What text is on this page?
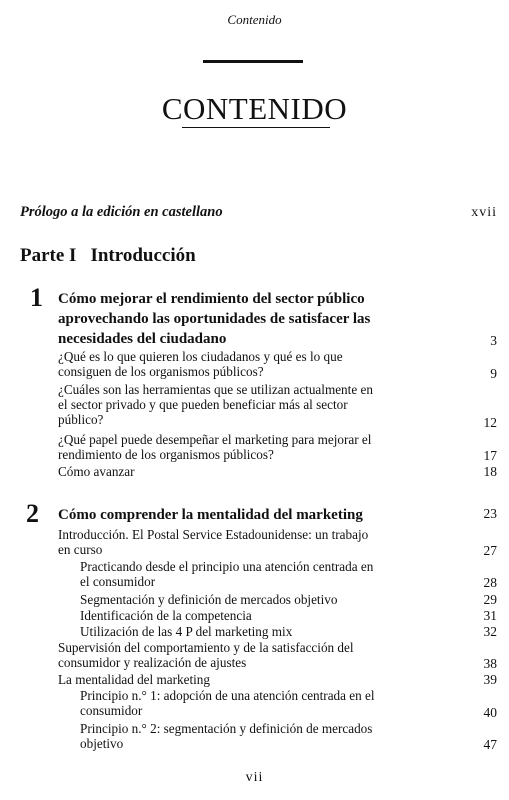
Contenido
CONTENIDO
Prólogo a la edición en castellano	xvii
Parte I Introducción
1 Cómo mejorar el rendimiento del sector público
aprovechando las oportunidades de satisfacer las
necesidades del ciudadano	3
¿Qué es lo que quieren los ciudadanos y qué es lo que
consiguen de los organismos públicos?	9
¿Cuáles son las herramientas que se utilizan actualmente en
el sector privado y que pueden beneficiar más al sector
público?	12
¿Qué papel puede desempeñar el marketing para mejorar el
rendimiento de los organismos públicos?	17
Cómo avanzar	18
2 Cómo comprender la mentalidad del marketing	23
Introducción. El Postal Service Estadounidense: un trabajo
en curso	27
Practicando desde el principio una atención centrada en
el consumidor	28
Segmentación y definición de mercados objetivo	29
Identificación de la competencia	31
Utilización de las 4 P del marketing mix	32
Supervisión del comportamiento y de la satisfacción del
consumidor y realización de ajustes	38
La mentalidad del marketing	39
Principio n.° 1: adopción de una atención centrada en el
consumidor	40
Principio n.° 2: segmentación y definición de mercados
objetivo	47
vii
